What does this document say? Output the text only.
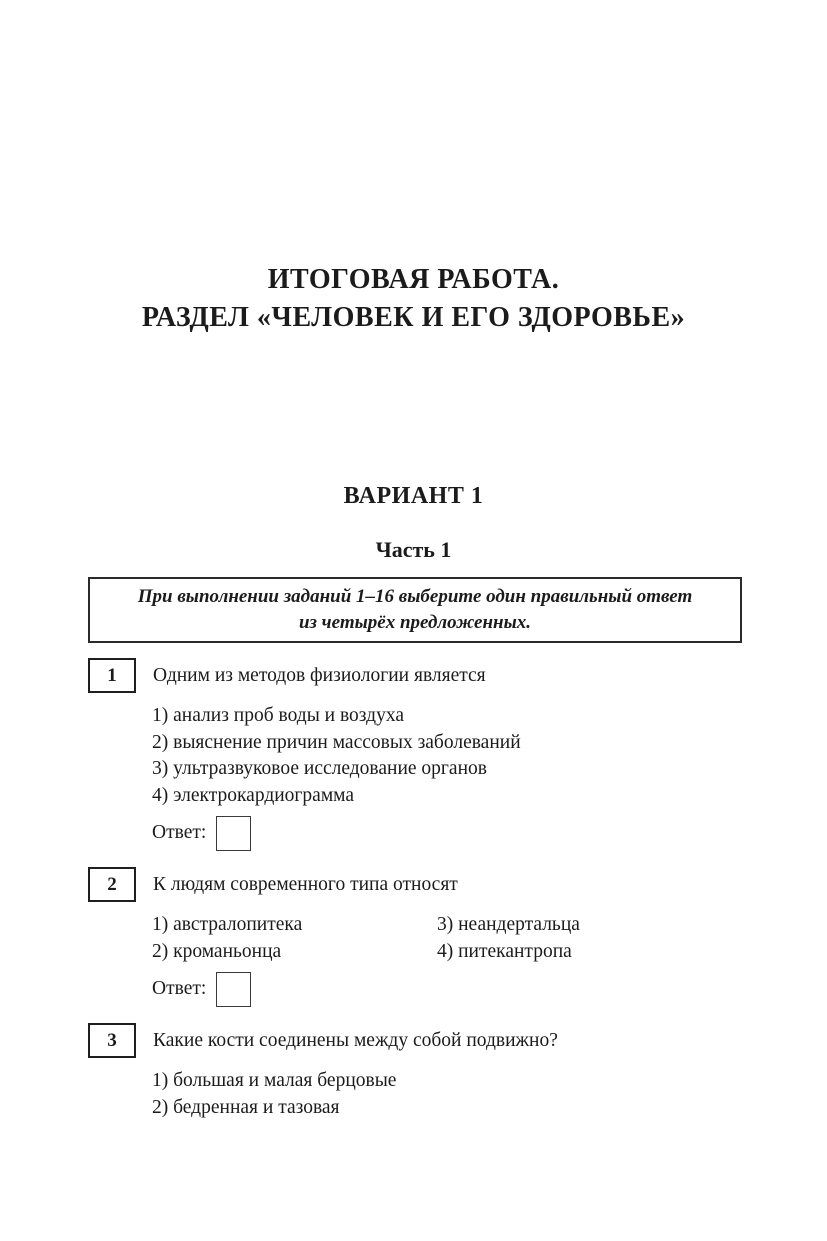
ИТОГОВАЯ РАБОТА.
РАЗДЕЛ «ЧЕЛОВЕК И ЕГО ЗДОРОВЬЕ»
ВАРИАНТ 1
Часть 1
При выполнении заданий 1–16 выберите один правильный ответ
из четырёх предложенных.
1	Одним из методов физиологии является
1) анализ проб воды и воздуха
2) выяснение причин массовых заболеваний
3) ультразвуковое исследование органов
4) электрокардиограмма
Ответ:
2	К людям современного типа относят
1) австралопитека
2) кроманьонца
3) неандертальца
4) питекантропа
Ответ:
3	Какие кости соединены между собой подвижно?
1) большая и малая берцовые
2) бедренная и тазовая
